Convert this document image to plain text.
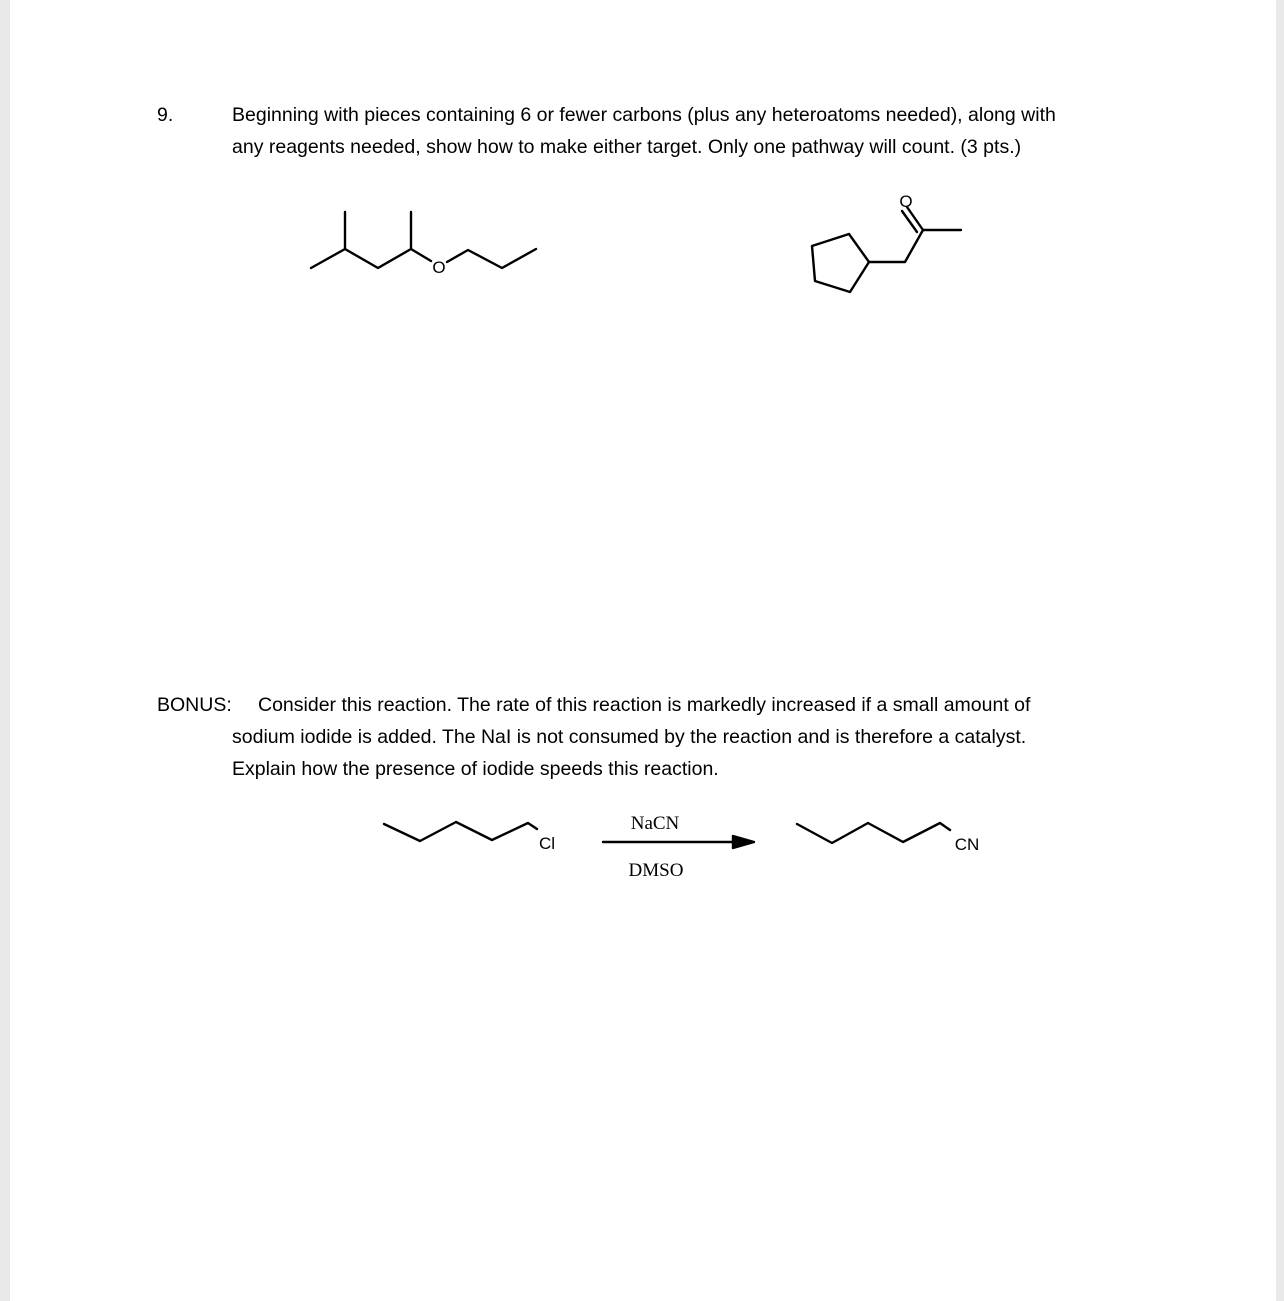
9.	Beginning with pieces containing 6 or fewer carbons (plus any heteroatoms needed), along with
any reagents needed, show how to make either target. Only one pathway will count. (3 pts.)
BONUS: Consider this reaction. The rate of this reaction is markedly increased if a small amount of
sodium iodide is added. The NaI is not consumed by the reaction and is therefore a catalyst.
Explain how the presence of iodide speeds this reaction.
O
O
Cl
NaCN
DMSO
CN
